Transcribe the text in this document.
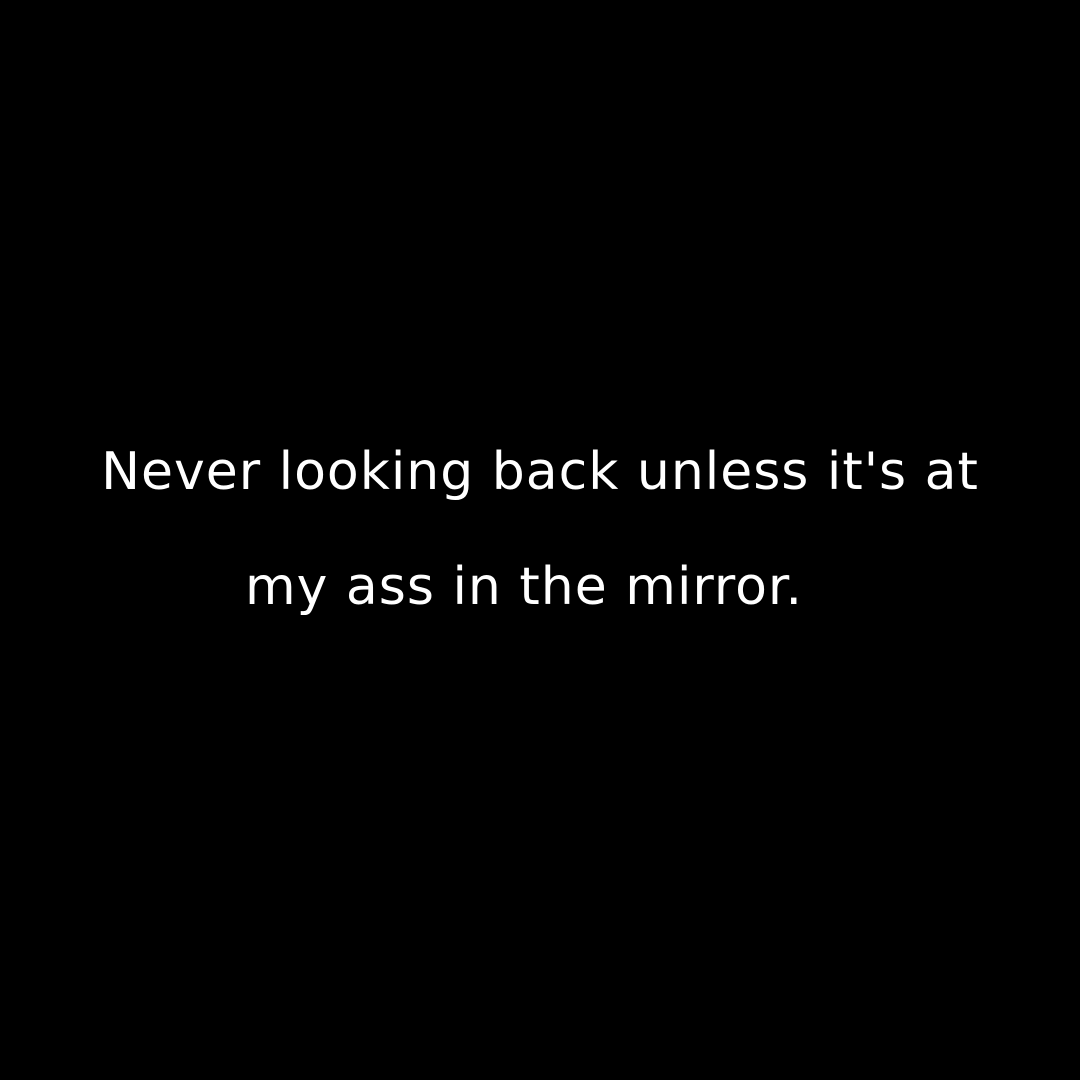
Never looking back unless it's at
my ass in the mirror.
